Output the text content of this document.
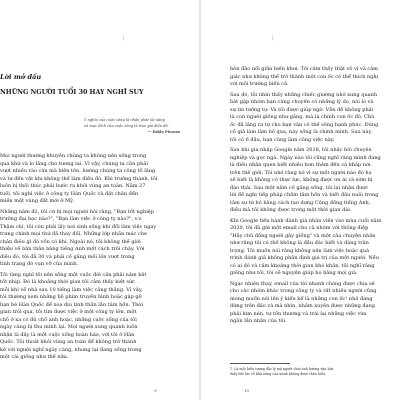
|
Lời mở đầu
NHỮNG NGƯỜI TUỔI 30 HAY NGHĨ SUY
Ý nghĩa của cuộc sống là nhận phát tài năng
và mục đích của cuộc sống là trao gửi điều đó.
— Pablo Picasso
Mọi người thường khuyên chúng ta không nên sống trong
quá khứ và lo lắng cho tương lai. Vì vậy, chúng ta cần phải
vượt nhiều rào cản mà biên tôn, hướng chúng ta công tố lắng
và tự đến vật khi không thể làm điều đó. Khi trưởng thành, tôi
luôn bị thôi thúc phải bước ra khỏi vùng an toàn. Năm 27
tuổi, tôi nghỉ việc ở công ty Hàn Quốc và đặt chân đến
miền một vùng đất mới ở Mỹ.
Những năm đó, tôi cứ bị mọi người hỏi rằng, "Bạn tốt nghiệp
trường đại học nào?", "Bạn làm việc ở công ty nào?", v.v.
Thậm chí, tôi còn phải lấy nơi sinh sống khi đối làm việc ngay
trang chính mọi thứ đã thay đổi. Những lớp nhãn mác che
chắn điều gì đó vốn có khi. Ngoài nó, tôi không thể giới
thiệu về bản thân bằng tiếng Anh một cách trôi chảy. Với
điều đó, tôi đã 30 và phải cố gắng mỗi lần vượt trong
tình trạng đó vụn vỡ của mình.
Tôi từng nghĩ tôi nên sống một cuộc đời cần phải nắm bắt
tốt nhịp. Đó là khoảng thời gian tôi cảm thấy kiệt sức
mỗi khi về nhà sau 10 tiếng làm việc căng thẳng. Vì vậy,
tôi thường xem những bộ phim truyền hình hoặc gặp gỡ
bạn bè Hàn Quốc để xoa dịu tinh thần lẫn tâm hồn. Thời
gian trôi qua, tôi tìm được việc ở một công ty lớn, một
chỗ ở xa có đủ chỗ anh hoặc, những cuộc sống của tôi
ngày càng bị thu mình lại. Mọi người xung quanh luôn
nhận là đây là một cuộc sống hoàn hảo, với tôi ở Hàn
Quốc. Tôi thoát khỏi vùng an toàn để không trở thành
kẻ với người nghĩ ngày càng, nhưng lại đang sống trong
một cái giống như thế nữa.
9
|
hòn đảo nổi giữa biển khơi. Tôi cảm thấy thật vô vị và cảm
giác như không thể trở thành một con ốc có thể thích nghi
với môi trường biển cả.
Sau đó, tôi nhìn thấy những chiếc giường nhỏ xung quanh
bắt gặp nhóm bạn cùng chuyến có những lý do, nói lo và
sự tin tưởng tự. Và tôi được giúp ngờ. Vẫn để không phải
là con người giống như gắng, mà là chính con ốc đó. Chú
ốc đã lắng ra tự cho bạn văn có thể sống hạnh phúc. Đúng
cỗ giả làm làm bỏ qua, này sống là chính mình. Sau này,
tôi có 6 đầu, bạn cũng làm công việc này.
Sau khi gia nhập Google năm 2018, tôi nhắc hỏi chuyên
nghiệp và gọc ngà. Ngày nào tôi cũng nghĩ rằng mình đang
là điều nhân quen biết nhiều hơn thêm đến cả khắp nơi
trên thế giới. Tôi nhớ rằng nó vì sự một người nào đó họ
sẽ biết là không có thực lực, không được ưu ái và sớm bị
đào thải. Sau một năm cố gắng sống, tôi lại nhận được
lời đề nghị tiếp pháp chấm tâm hồn và biết đấu nuôi trong
tâm sự từ bỏ bằng cách tạo dựng Cộng đồng tiếng Anh,
điều mà tôi không được trong một thời gian dài.
Khi Google tiến hành đánh giá nhân viên vào mùa cuối năm
2020, tôi đã gửi một email cho cả nhóm với thông điệp
"Hãy chủ động người gây giống" và một câu chuyện nhân
như rằng tôi có thể không là đầu đác biết và đáng trân
trọng. Tôi muốn nói rằng không nên làm việc hoặc quá
trình đánh giá không phân định giá trị của một người. Nếu
có ai đó và cảm khoảng thời gian khó khăn, tôi nghĩ rằng
giống như tôi, tôi sẽ nguyện giúp họ bằng mọi giá.
Ngạc nhiên thay, email của tôi nhanh chóng được chia sẻ
cho các nhóm khác trong công ty và rất nhiều người cũng
mong muốn nói lên ý kiến kể là những con ốc¹ nhỏ đang
đứng trên đảo và mà nhìn, nhằm xuyên được những đang
phải kìm nén, tự tốn thương và trái lại những việc vừa
ngắn lần nhận của tôi.
1. Là một biểu tượng đặc lý mà người chịu ảnh hưởng văn hóa
thấy bất lực về khả năng của mình không được thấu hiểu.
10
